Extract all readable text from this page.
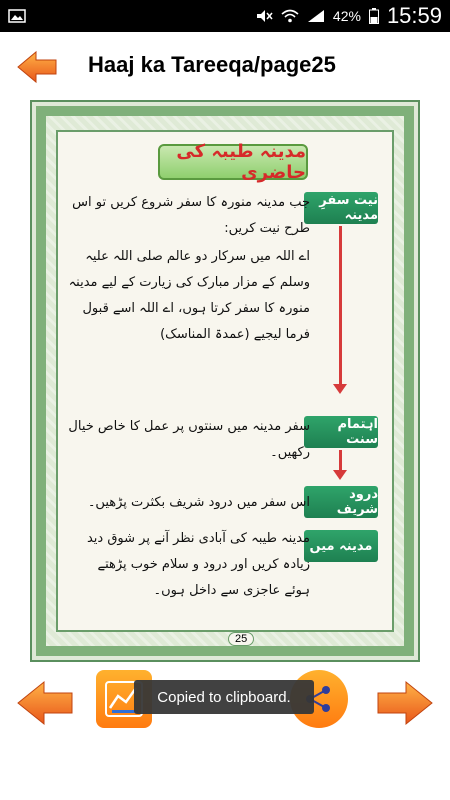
42% 15:59
Haaj ka Tareeqa/page25
مدینہ طیبہ کی حاضری
نیت سفرِ مدینہ
اہتمام سنت
درود شریف
مدینہ میں
جب مدینہ منورہ کا سفر شروع کریں تو اس طرح نیت کریں:
اے اللہ میں سرکار دو عالم صلی اللہ علیہ وسلم کے مزار مبارک کی زیارت کے لیے مدینہ منورہ کا سفر کرتا ہوں، اے اللہ اسے قبول فرما لیجیے (عمدۃ المناسک)
سفر مدینہ میں سنتوں پر عمل کا خاص خیال رکھیں۔
اس سفر میں درود شریف بکثرت پڑھیں۔
مدینہ طیبہ کی آبادی نظر آنے پر شوق دید زیادہ کریں اور درود و سلام خوب پڑھتے ہوئے عاجزی سے داخل ہوں۔
25
Copied to clipboard.
